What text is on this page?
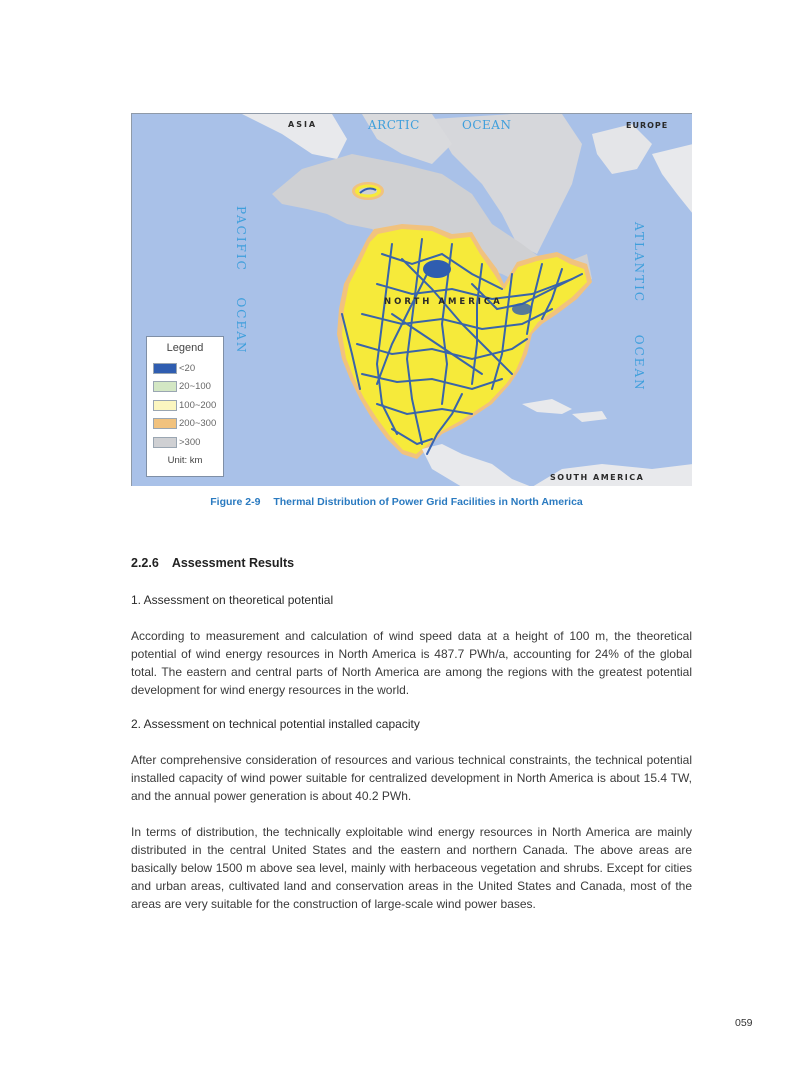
ASIA	ARCTIC	OCEAN	EUROPE
PACIFIC  OCEAN
ATLANTIC  OCEAN
NORTH AMERICA
SOUTH AMERICA
Legend
<20
20~100
100~200
200~300
>300
Unit: km
Figure 2-9 Thermal Distribution of Power Grid Facilities in North America
2.2.6 Assessment Results
1. Assessment on theoretical potential
According to measurement and calculation of wind speed data at a height of 100 m, the theoretical potential of wind energy resources in North America is 487.7 PWh/a, accounting for 24% of the global total. The eastern and central parts of North America are among the regions with the greatest potential development for wind energy resources in the world.
2. Assessment on technical potential installed capacity
After comprehensive consideration of resources and various technical constraints, the technical potential installed capacity of wind power suitable for centralized development in North America is about 15.4 TW, and the annual power generation is about 40.2 PWh.
In terms of distribution, the technically exploitable wind energy resources in North America are mainly distributed in the central United States and the eastern and northern Canada. The above areas are basically below 1500 m above sea level, mainly with herbaceous vegetation and shrubs. Except for cities and urban areas, cultivated land and conservation areas in the United States and Canada, most of the areas are very suitable for the construction of large-scale wind power bases.
059
